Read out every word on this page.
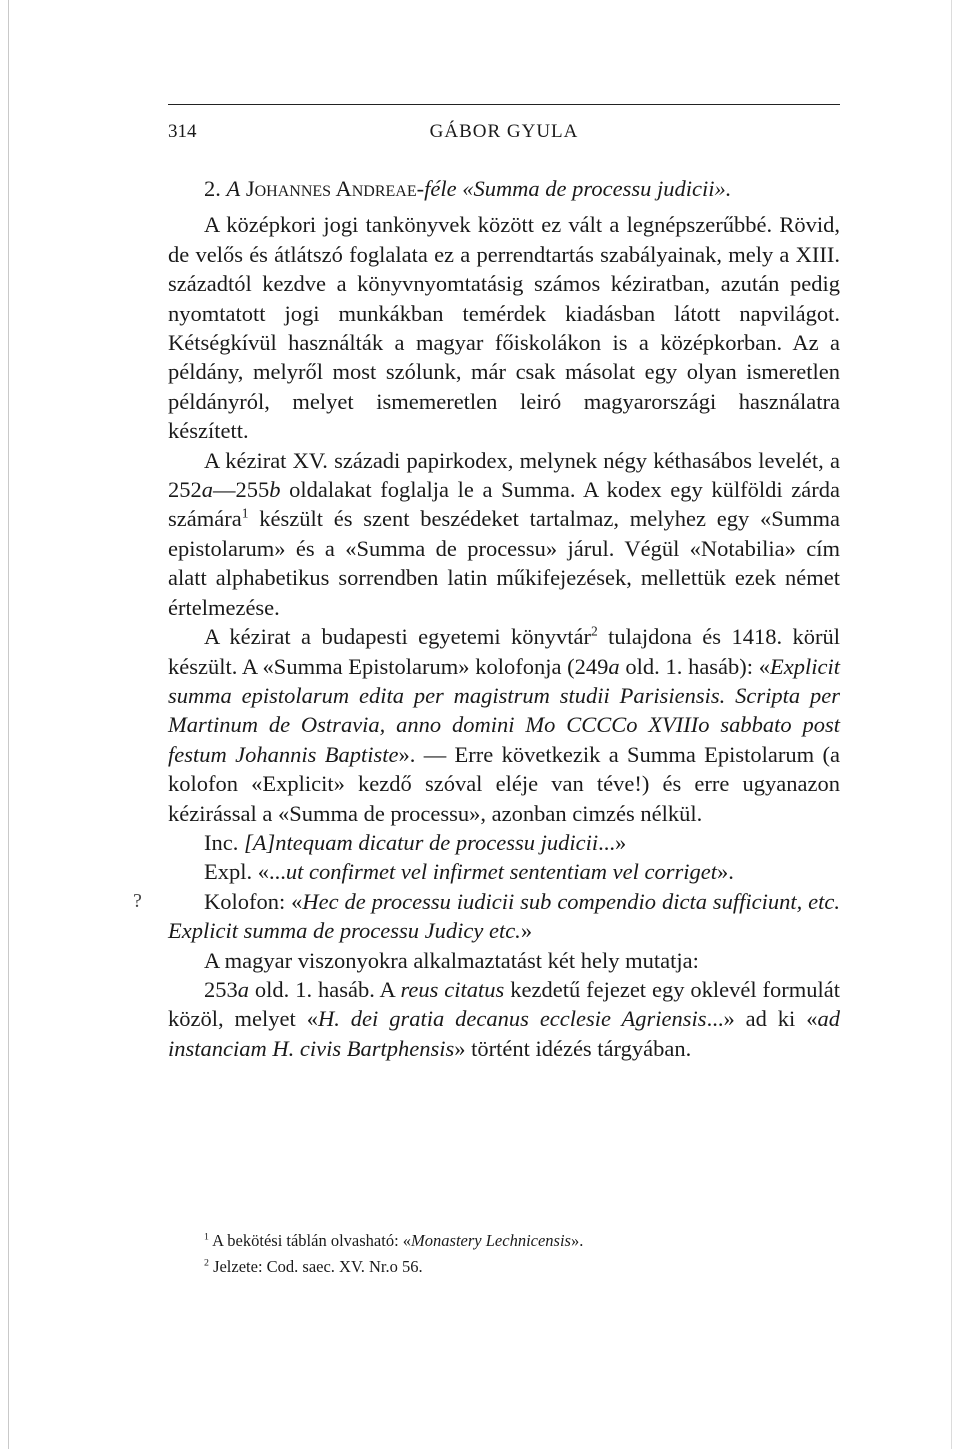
314	GÁBOR GYULA
?

2. A Johannes Andreae-féle «Summa de processu judicii».

A középkori jogi tankönyvek között ez vált a legnépszerűbbé. Rövid, de velős és átlátszó foglalata ez a perrendtartás szabályainak, mely a XIII. századtól kezdve a könyvnyomtatásig számos kéziratban, azután pedig nyomtatott jogi munkákban temérdek kiadásban látott napvilágot. Kétségkívül használták a magyar főiskolákon is a középkorban. Az a példány, melyről most szólunk, már csak másolat egy olyan ismeretlen példányról, melyet ismemeretlen leiró magyarországi használatra készített.

A kézirat XV. századi papirkodex, melynek négy kéthasábos levelét, a 252a—255b oldalakat foglalja le a Summa. A kodex egy külföldi zárda számára$^1$ készült és szent beszédeket tartalmaz, melyhez egy «Summa epistolarum» és a «Summa de processu» járul. Végül «Notabilia» cím alatt alphabetikus sorrendben latin műkifejezések, mellettük ezek német értelmezése.

A kézirat a budapesti egyetemi könyvtár$^2$ tulajdona és 1418. körül készült. A «Summa Epistolarum» kolofonja (249a old. 1. hasáb): «Explicit summa epistolarum edita per magistrum studii Parisiensis. Scripta per Martinum de Ostravia, anno domini Mo CCCCo XVIIIo sabbato post festum Johannis Baptiste». — Erre következik a Summa Epistolarum (a kolofon «Explicit» kezdő szóval eléje van téve!) és erre ugyanazon kézirással a «Summa de processu», azonban cimzés nélkül.

Inc. [A]ntequam dicatur de processu judicii...»

Expl. «...ut confirmet vel infirmet sententiam vel corriget».

Kolofon: «Hec de processu iudicii sub compendio dicta sufficiunt, etc. Explicit summa de processu Judicy etc.»

A magyar viszonyokra alkalmaztatást két hely mutatja:

253a old. 1. hasáb. A reus citatus kezdetű fejezet egy oklevél formulát közöl, melyet «H. dei gratia decanus ecclesie Agriensis...» ad ki «ad instanciam H. civis Bartphensis» történt idézés tárgyában.

$^1$ A bekötési táblán olvasható: «Monastery Lechnicensis».

$^2$ Jelzete: Cod. saec. XV. Nr.o 56.
